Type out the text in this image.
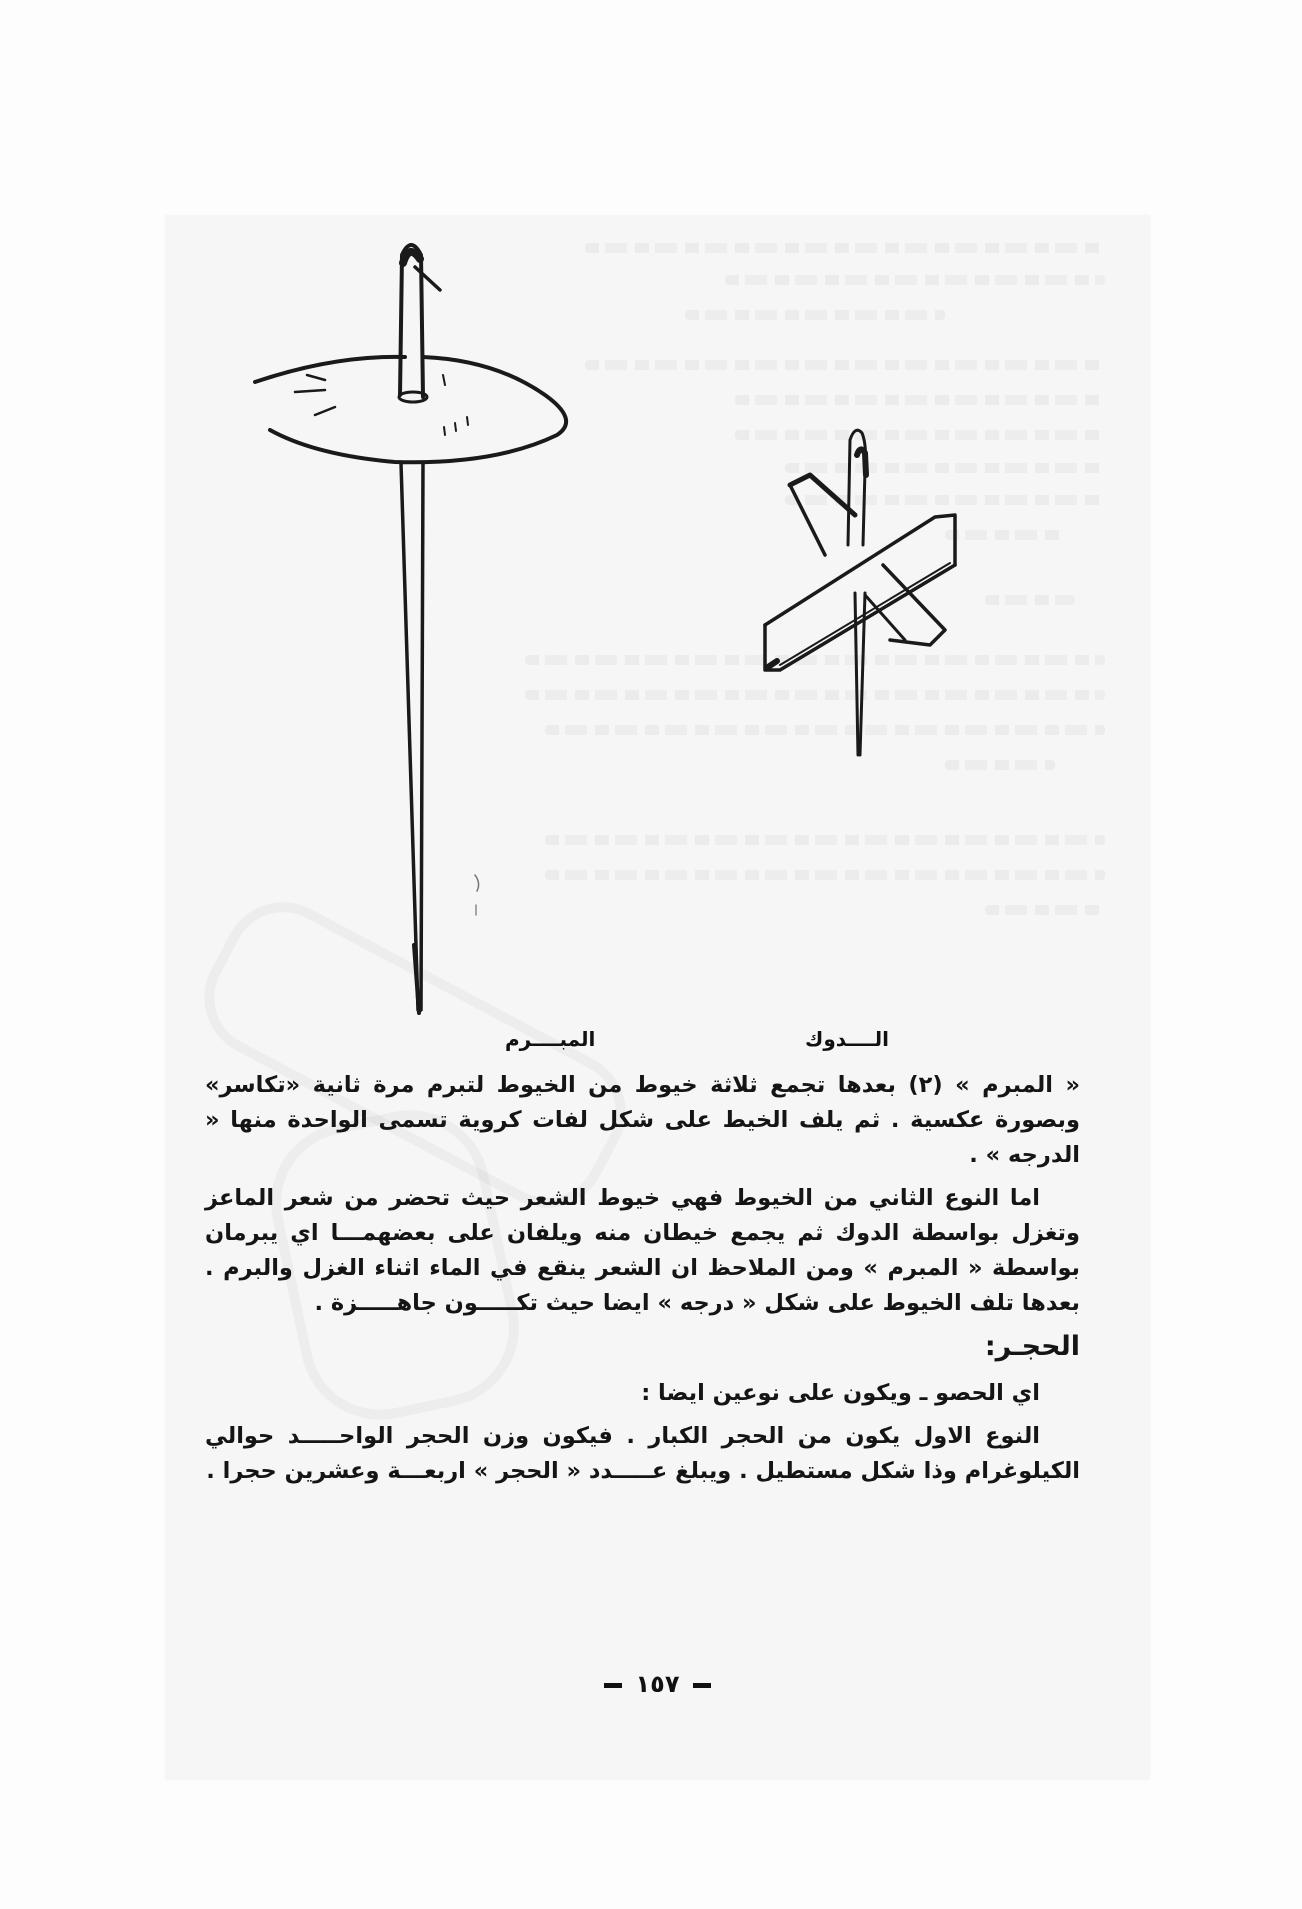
المبــــرم	الــــدوك

« المبرم » (٢) بعدها تجمع ثلاثة خيوط من الخيوط لتبرم مرة ثانية «تكاسر» وبصورة عكسية . ثم يلف الخيط على شكل لفات كروية تسمى الواحدة منها « الدرجه » .

اما النوع الثاني من الخيوط فهي خيوط الشعر حيث تحضر من شعر الماعز وتغزل بواسطة الدوك ثم يجمع خيطان منه ويلفان على بعضهمـــا اي يبرمان بواسطة « المبرم » ومن الملاحظ ان الشعر ينقع في الماء اثناء الغزل والبرم . بعدها تلف الخيوط على شكل « درجه » ايضا حيث تكـــــون جاهـــــزة .

الحجـر:

اي الحصو ـ ويكون على نوعين ايضا :

النوع الاول يكون من الحجر الكبار . فيكون وزن الحجر الواحـــــد حوالي الكيلوغرام وذا شكل مستطيل . ويبلغ عـــــدد « الحجر » اربعـــة وعشرين حجرا .

١٥٧
